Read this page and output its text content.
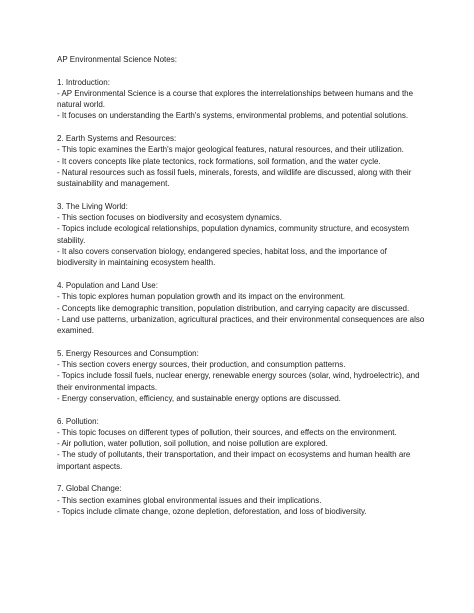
AP Environmental Science Notes:

1. Introduction:

- AP Environmental Science is a course that explores the interrelationships between humans and the natural world.

- It focuses on understanding the Earth's systems, environmental problems, and potential solutions.

2. Earth Systems and Resources:

- This topic examines the Earth's major geological features, natural resources, and their utilization.

- It covers concepts like plate tectonics, rock formations, soil formation, and the water cycle.

- Natural resources such as fossil fuels, minerals, forests, and wildlife are discussed, along with their sustainability and management.

3. The Living World:

- This section focuses on biodiversity and ecosystem dynamics.

- Topics include ecological relationships, population dynamics, community structure, and ecosystem stability.

- It also covers conservation biology, endangered species, habitat loss, and the importance of biodiversity in maintaining ecosystem health.

4. Population and Land Use:

- This topic explores human population growth and its impact on the environment.

- Concepts like demographic transition, population distribution, and carrying capacity are discussed.

- Land use patterns, urbanization, agricultural practices, and their environmental consequences are also examined.

5. Energy Resources and Consumption:

- This section covers energy sources, their production, and consumption patterns.

- Topics include fossil fuels, nuclear energy, renewable energy sources (solar, wind, hydroelectric), and their environmental impacts.

- Energy conservation, efficiency, and sustainable energy options are discussed.

6. Pollution:

- This topic focuses on different types of pollution, their sources, and effects on the environment.

- Air pollution, water pollution, soil pollution, and noise pollution are explored.

- The study of pollutants, their transportation, and their impact on ecosystems and human health are important aspects.

7. Global Change:

- This section examines global environmental issues and their implications.

- Topics include climate change, ozone depletion, deforestation, and loss of biodiversity.
